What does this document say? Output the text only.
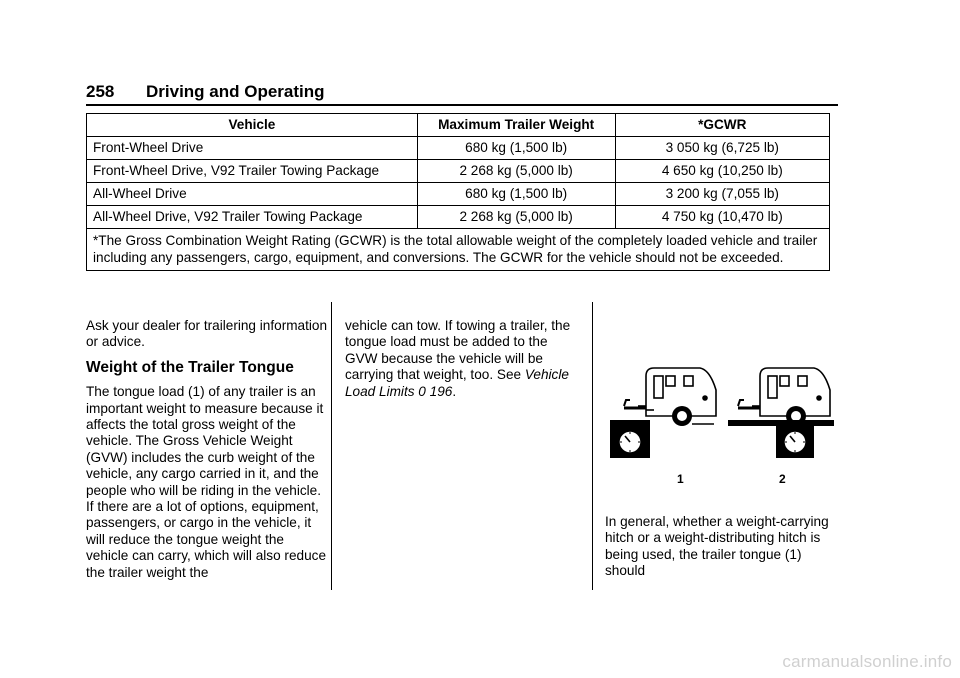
258 Driving and Operating
Vehicle	Maximum Trailer Weight	*GCWR
Front-Wheel Drive	680 kg (1,500 lb)	3 050 kg (6,725 lb)
Front-Wheel Drive, V92 Trailer Towing Package	2 268 kg (5,000 lb)	4 650 kg (10,250 lb)
All-Wheel Drive	680 kg (1,500 lb)	3 200 kg (7,055 lb)
All-Wheel Drive, V92 Trailer Towing Package	2 268 kg (5,000 lb)	4 750 kg (10,470 lb)
*The Gross Combination Weight Rating (GCWR) is the total allowable weight of the completely loaded vehicle and trailer including any passengers, cargo, equipment, and conversions. The GCWR for the vehicle should not be exceeded.		

Ask your dealer for trailering information or advice.

Weight of the Trailer Tongue

The tongue load (1) of any trailer is an important weight to measure because it affects the total gross weight of the vehicle. The Gross Vehicle Weight (GVW) includes the curb weight of the vehicle, any cargo carried in it, and the people who will be riding in the vehicle.

If there are a lot of options, equipment, passengers, or cargo in the vehicle, it will reduce the tongue weight the vehicle can carry, which will also reduce the trailer weight the

vehicle can tow. If towing a trailer, the tongue load must be added to the GVW because the vehicle will be carrying that weight, too. See Vehicle Load Limits 0 196.

1	2

In general, whether a weight-carrying hitch or a weight-distributing hitch is being used, the trailer tongue (1) should

carmanualsonline.info
